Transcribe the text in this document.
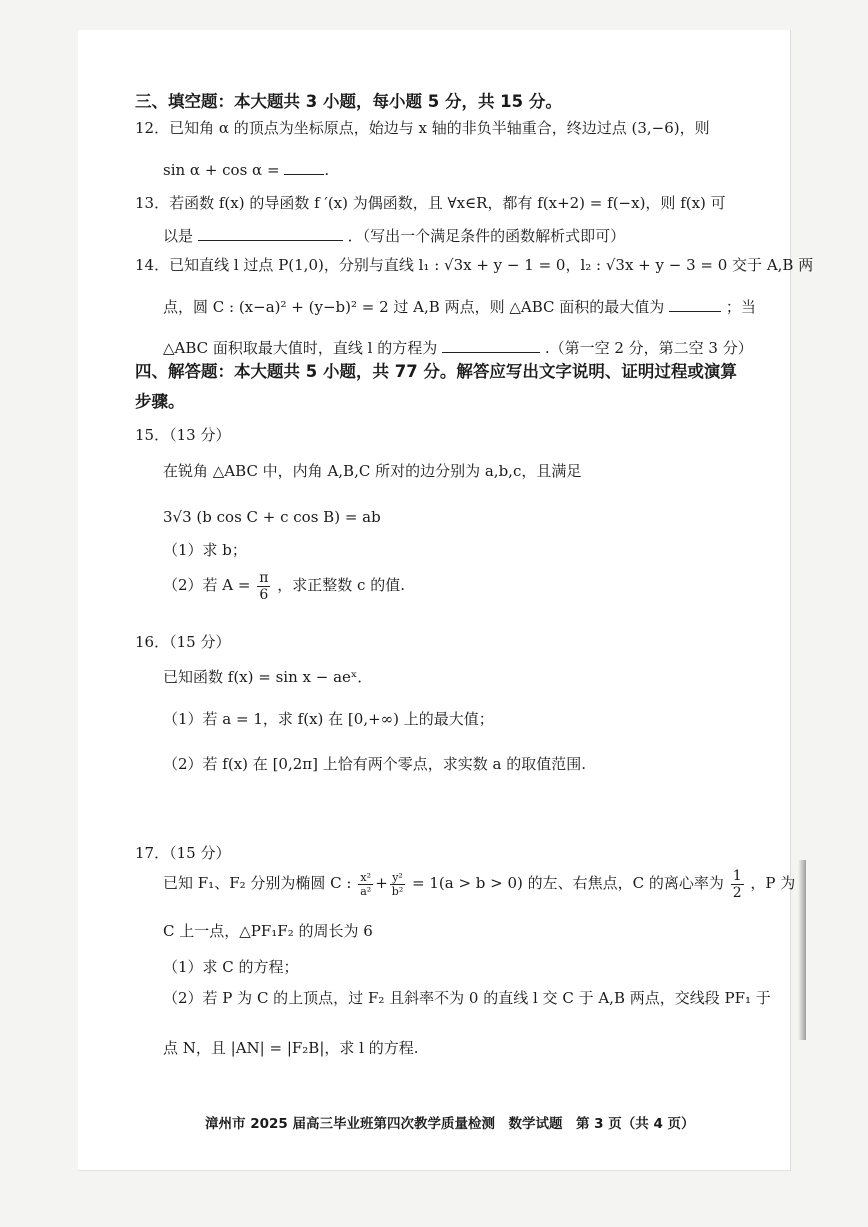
三、填空题：本大题共 3 小题，每小题 5 分，共 15 分。
12．已知角 α 的顶点为坐标原点，始边与 x 轴的非负半轴重合，终边过点 (3,−6)，则
sin α + cos α =	.
13．若函数 f(x) 的导函数 f ′(x) 为偶函数，且 ∀x∈R，都有 f(x+2) = f(−x)，则 f(x) 可
以是	．（写出一个满足条件的函数解析式即可）
14．已知直线 l 过点 P(1,0)，分别与直线 l₁ : √3x + y − 1 = 0，l₂ : √3x + y − 3 = 0 交于 A,B 两
点，圆 C : (x−a)² + (y−b)² = 2 过 A,B 两点，则 △ABC 面积的最大值为	；当
△ABC 面积取最大值时，直线 l 的方程为	.（第一空 2 分，第二空 3 分）
四、解答题：本大题共 5 小题，共 77 分。解答应写出文字说明、证明过程或演算
步骤。
15．（13 分）
在锐角 △ABC 中，内角 A,B,C 所对的边分别为 a,b,c，且满足
3√3 (b cos C + c cos B) = ab
（1）求 b；
（2）若 $A = \frac{\pi}{6}$ ，求正整数 c 的值.
16．（15 分）
已知函数 f(x) = sin x − aeˣ．
（1）若 a = 1，求 f(x) 在 [0,+∞) 上的最大值；
（2）若 f(x) 在 [0,2π] 上恰有两个零点，求实数 a 的取值范围.
17．（15 分）
已知 F₁、F₂ 分别为椭圆 C : $\frac{\text{x²}}{\text{a²}} + \frac{\text{y²}}{\text{b²}} = 1(a > b > 0)$ 的左、右焦点，C 的离心率为 $\frac{1}{2}$ ，P 为
C 上一点，△PF₁F₂ 的周长为 6
（1）求 C 的方程；
（2）若 P 为 C 的上顶点，过 F₂ 且斜率不为 0 的直线 l 交 C 于 A,B 两点，交线段 PF₁ 于
点 N，且 |AN| = |F₂B|，求 l 的方程.
漳州市 2025 届高三毕业班第四次教学质量检测　数学试题　第 3 页（共 4 页）
